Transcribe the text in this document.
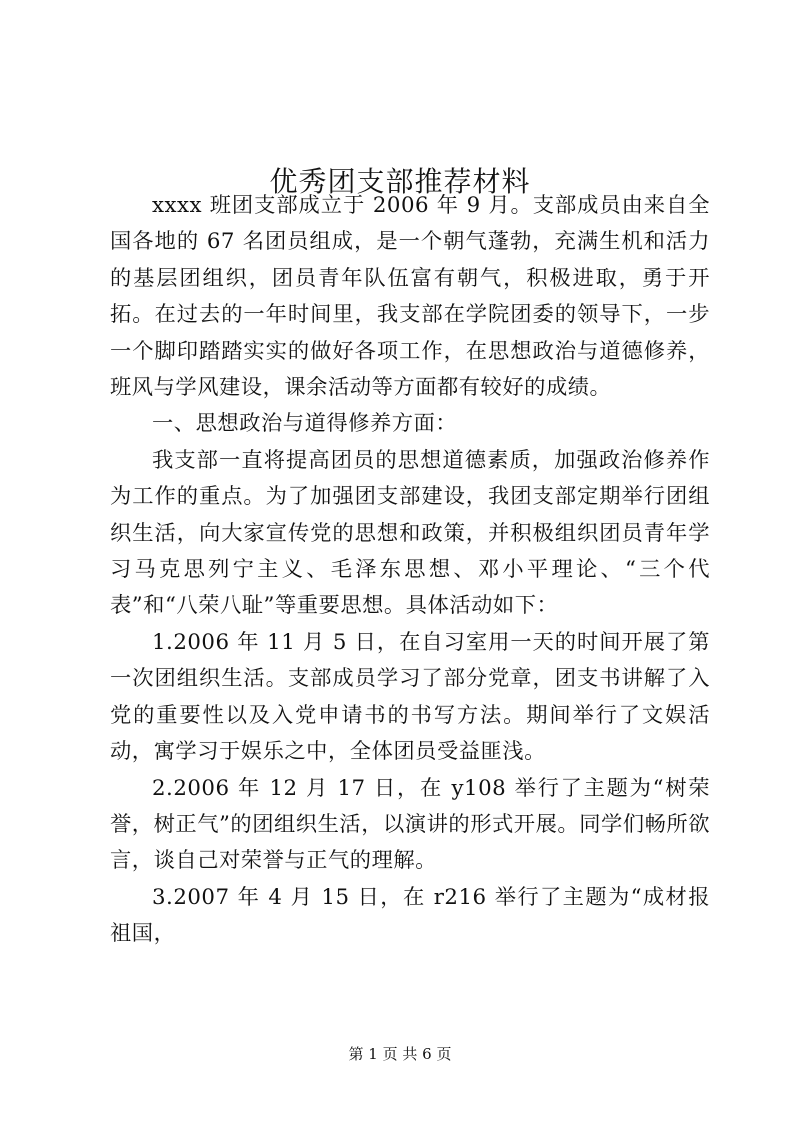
优秀团支部推荐材料

xxxx 班团支部成立于 2006 年 9 月。支部成员由来自全国各地的 67 名团员组成，是一个朝气蓬勃，充满生机和活力的基层团组织，团员青年队伍富有朝气，积极进取，勇于开拓。在过去的一年时间里，我支部在学院团委的领导下，一步一个脚印踏踏实实的做好各项工作，在思想政治与道德修养，班风与学风建设，课余活动等方面都有较好的成绩。

一、思想政治与道得修养方面：

我支部一直将提高团员的思想道德素质，加强政治修养作为工作的重点。为了加强团支部建设，我团支部定期举行团组织生活，向大家宣传党的思想和政策，并积极组织团员青年学习马克思列宁主义、毛泽东思想、邓小平理论、“三个代表”和“八荣八耻”等重要思想。具体活动如下：

1.2006 年 11 月 5 日，在自习室用一天的时间开展了第一次团组织生活。支部成员学习了部分党章，团支书讲解了入党的重要性以及入党申请书的书写方法。期间举行了文娱活动，寓学习于娱乐之中，全体团员受益匪浅。

2.2006 年 12 月 17 日，在 y108 举行了主题为“树荣誉，树正气”的团组织生活，以演讲的形式开展。同学们畅所欲言，谈自己对荣誉与正气的理解。

3.2007 年 4 月 15 日，在 r216 举行了主题为“成材报祖国，

第 1 页 共 6 页
